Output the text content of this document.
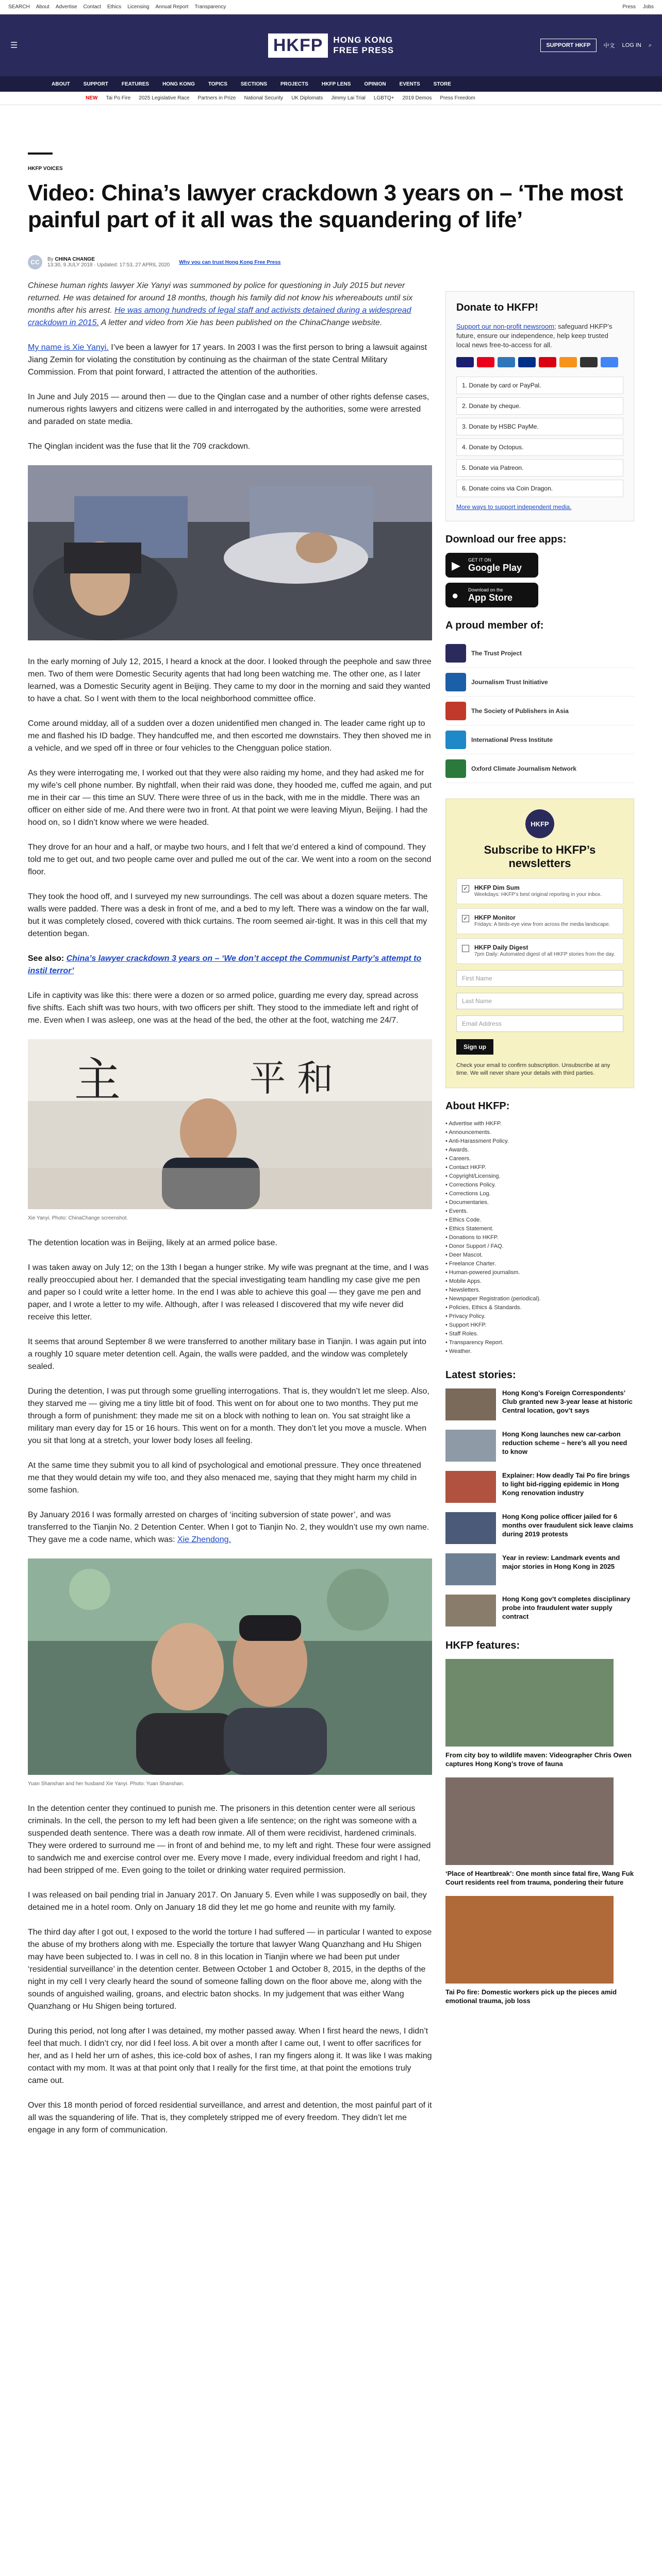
SEARCH About Advertise Contact Ethics Licensing Annual Report Transparency	Press Jobs
☰	HKFP	HONG KONG
FREE PRESS	SUPPORT HKFP	中文 LOG IN ⌕
ABOUT	SUPPORT	FEATURES	HONG KONG	TOPICS	SECTIONS	PROJECTS	HKFP LENS	OPINION	EVENTS	STORE
NEW Tai Po Fire 2025 Legislative Race Partners in Prize National Security UK Diplomats Jimmy Lai Trial LGBTQ+ 2019 Demos Press Freedom
HKFP VOICES
Video: China’s lawyer crackdown 3 years on – ‘The most painful part of it all was the squandering of life’
CC	By CHINA CHANGE
13:30, 9 JULY 2018 · Updated: 17:53, 27 APRIL 2020 Why you can trust Hong Kong Free Press

Chinese human rights lawyer Xie Yanyi was summoned by police for questioning in July 2015 but never returned. He was detained for around 18 months, though his family did not know his whereabouts until six months after his arrest. He was among hundreds of legal staff and activists detained during a widespread crackdown in 2015. A letter and video from Xie has been published on the ChinaChange website.

My name is Xie Yanyi. I’ve been a lawyer for 17 years. In 2003 I was the first person to bring a lawsuit against Jiang Zemin for violating the constitution by continuing as the chairman of the state Central Military Commission. From that point forward, I attracted the attention of the authorities.

In June and July 2015 — around then — due to the Qinglan case and a number of other rights defense cases, numerous rights lawyers and citizens were called in and interrogated by the authorities, some were arrested and paraded on state media.

The Qinglan incident was the fuse that lit the 709 crackdown.

In the early morning of July 12, 2015, I heard a knock at the door. I looked through the peephole and saw three men. Two of them were Domestic Security agents that had long been watching me. The other one, as I later learned, was a Domestic Security agent in Beijing. They came to my door in the morning and said they wanted to have a chat. So I went with them to the local neighborhood committee office.

Come around midday, all of a sudden over a dozen unidentified men changed in. The leader came right up to me and flashed his ID badge. They handcuffed me, and then escorted me downstairs. They then shoved me in a vehicle, and we sped off in three or four vehicles to the Chengguan police station.

As they were interrogating me, I worked out that they were also raiding my home, and they had asked me for my wife’s cell phone number. By nightfall, when their raid was done, they hooded me, cuffed me again, and put me in their car — this time an SUV. There were three of us in the back, with me in the middle. There was an officer on either side of me. And there were two in front. At that point we were leaving Miyun, Beijing. I had the hood on, so I didn’t know where we were headed.

They drove for an hour and a half, or maybe two hours, and I felt that we’d entered a kind of compound. They told me to get out, and two people came over and pulled me out of the car. We went into a room on the second floor.

They took the hood off, and I surveyed my new surroundings. The cell was about a dozen square meters. The walls were padded. There was a desk in front of me, and a bed to my left. There was a window on the far wall, but it was completely closed, covered with thick curtains. The room seemed air-tight. It was in this cell that my detention began.

See also: China’s lawyer crackdown 3 years on – ‘We don’t accept the Communist Party’s attempt to instil terror’

Life in captivity was like this: there were a dozen or so armed police, guarding me every day, spread across five shifts. Each shift was two hours, with two officers per shift. They stood to the immediate left and right of me. Even when I was asleep, one was at the head of the bed, the other at the foot, watching me 24/7.

主	平 和
Xie Yanyi. Photo: ChinaChange screenshot.

The detention location was in Beijing, likely at an armed police base.

I was taken away on July 12; on the 13th I began a hunger strike. My wife was pregnant at the time, and I was really preoccupied about her. I demanded that the special investigating team handling my case give me pen and paper so I could write a letter home. In the end I was able to achieve this goal — they gave me pen and paper, and I wrote a letter to my wife. Although, after I was released I discovered that my wife never did receive this letter.

It seems that around September 8 we were transferred to another military base in Tianjin. I was again put into a roughly 10 square meter detention cell. Again, the walls were padded, and the window was completely sealed.

During the detention, I was put through some gruelling interrogations. That is, they wouldn’t let me sleep. Also, they starved me — giving me a tiny little bit of food. This went on for about one to two months. They put me through a form of punishment: they made me sit on a block with nothing to lean on. You sat straight like a military man every day for 15 or 16 hours. This went on for a month. They don’t let you move a muscle. When you sit that long at a stretch, your lower body loses all feeling.

At the same time they submit you to all kind of psychological and emotional pressure. They once threatened me that they would detain my wife too, and they also menaced me, saying that they might harm my child in some fashion.

By January 2016 I was formally arrested on charges of ‘inciting subversion of state power’, and was transferred to the Tianjin No. 2 Detention Center. When I got to Tianjin No. 2, they wouldn’t use my own name. They gave me a code name, which was: Xie Zhendong.

Yuan Shanshan and her husband Xie Yanyi. Photo: Yuan Shanshan.

In the detention center they continued to punish me. The prisoners in this detention center were all serious criminals. In the cell, the person to my left had been given a life sentence; on the right was someone with a suspended death sentence. There was a death row inmate. All of them were recidivist, hardened criminals. They were ordered to surround me — in front of and behind me, to my left and right. These four were assigned to sandwich me and exercise control over me. Every move I made, every individual freedom and right I had, had been stripped of me. Even going to the toilet or drinking water required permission.

I was released on bail pending trial in January 2017. On January 5. Even while I was supposedly on bail, they detained me in a hotel room. Only on January 18 did they let me go home and reunite with my family.

The third day after I got out, I exposed to the world the torture I had suffered — in particular I wanted to expose the abuse of my brothers along with me. Especially the torture that lawyer Wang Quanzhang and Hu Shigen may have been subjected to. I was in cell no. 8 in this location in Tianjin where we had been put under ‘residential surveillance’ in the detention center. Between October 1 and October 8, 2015, in the depths of the night in my cell I very clearly heard the sound of someone falling down on the floor above me, along with the sounds of anguished wailing, groans, and electric baton shocks. In my judgement that was either Wang Quanzhang or Hu Shigen being tortured.

During this period, not long after I was detained, my mother passed away. When I first heard the news, I didn’t feel that much. I didn’t cry, nor did I feel loss. A bit over a month after I came out, I went to offer sacrifices for her, and as I held her urn of ashes, this ice-cold box of ashes, I ran my fingers along it. It was like I was making contact with my mom. It was at that point only that I really for the first time, at that point the emotions truly came out.

Over this 18 month period of forced residential surveillance, and arrest and detention, the most painful part of it all was the squandering of life. That is, they completely stripped me of every freedom. They didn’t let me engage in any form of communication.

Donate to HKFP!
Support our non-profit newsroom; safeguard HKFP’s future, ensure our independence, help keep trusted local news free-to-access for all.
1. Donate by card or PayPal.
2. Donate by cheque.
3. Donate by HSBC PayMe.
4. Donate by Octopus.
5. Donate via Patreon.
6. Donate coins via Coin Dragon.
More ways to support independent media.
Download our free apps:
▶ GET IT ON
Google Play
● Download on the
App Store
A proud member of:
The Trust Project
Journalism Trust Initiative
The Society of Publishers in Asia
International Press Institute
Oxford Climate Journalism Network
HKFP
Subscribe to HKFP’s newsletters
✓ HKFP Dim Sum
Weekdays: HKFP’s best original reporting in your inbox.
✓ HKFP Monitor
Fridays: A birds-eye view from across the media landscape.
HKFP Daily Digest
7pm Daily: Automated digest of all HKFP stories from the day.
First Name
Last Name
Email Address
Sign up
Check your email to confirm subscription. Unsubscribe at any time. We will never share your details with third parties.
About HKFP:
• Advertise with HKFP.
• Announcements.
• Anti-Harassment Policy.
• Awards.
• Careers.
• Contact HKFP.
• Copyright/Licensing.
• Corrections Policy.
• Corrections Log.
• Documentaries.
• Events.
• Ethics Code.
• Ethics Statement.
• Donations to HKFP.
• Donor Support / FAQ.
• Deer Mascot.
• Freelance Charter.
• Human-powered journalism.
• Mobile Apps.
• Newsletters.
• Newspaper Registration (periodical).
• Policies, Ethics & Standards.
• Privacy Policy.
• Support HKFP.
• Staff Roles.
• Transparency Report.
• Weather.
Latest stories:
Hong Kong’s Foreign Correspondents’ Club granted new 3-year lease at historic Central location, gov’t says
Hong Kong launches new car-carbon reduction scheme – here’s all you need to know
Explainer: How deadly Tai Po fire brings to light bid-rigging epidemic in Hong Kong renovation industry
Hong Kong police officer jailed for 6 months over fraudulent sick leave claims during 2019 protests
Year in review: Landmark events and major stories in Hong Kong in 2025
Hong Kong gov’t completes disciplinary probe into fraudulent water supply contract
HKFP features:
From city boy to wildlife maven: Videographer Chris Owen captures Hong Kong’s trove of fauna
‘Place of Heartbreak’: One month since fatal fire, Wang Fuk Court residents reel from trauma, pondering their future
Tai Po fire: Domestic workers pick up the pieces amid emotional trauma, job loss
